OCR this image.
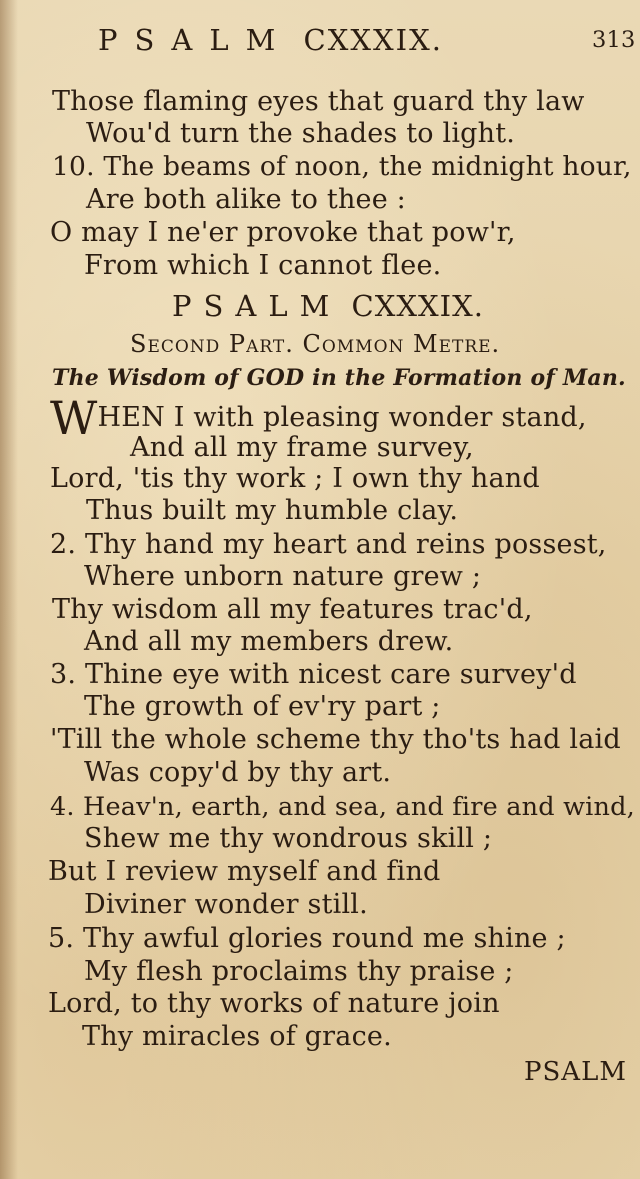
PSALM CXXXIX.	313
Those flaming eyes that guard thy law
Wou'd turn the shades to light.
10. The beams of noon, the midnight hour,
Are both alike to thee :
O may I ne'er provoke that pow'r,
From which I cannot flee.
PSALM CXXXIX.
Second Part. Common Metre.
The Wisdom of GOD in the Formation of Man.
WHEN I with pleasing wonder stand,
And all my frame survey,
Lord, 'tis thy work ; I own thy hand
Thus built my humble clay.
2. Thy hand my heart and reins possest,
Where unborn nature grew ;
Thy wisdom all my features trac'd,
And all my members drew.
3. Thine eye with nicest care survey'd
The growth of ev'ry part ;
'Till the whole scheme thy tho'ts had laid
Was copy'd by thy art.
4. Heav'n, earth, and sea, and fire and wind,
Shew me thy wondrous skill ;
But I review myself and find
Diviner wonder still.
5. Thy awful glories round me shine ;
My flesh proclaims thy praise ;
Lord, to thy works of nature join
Thy miracles of grace.
PSALM
